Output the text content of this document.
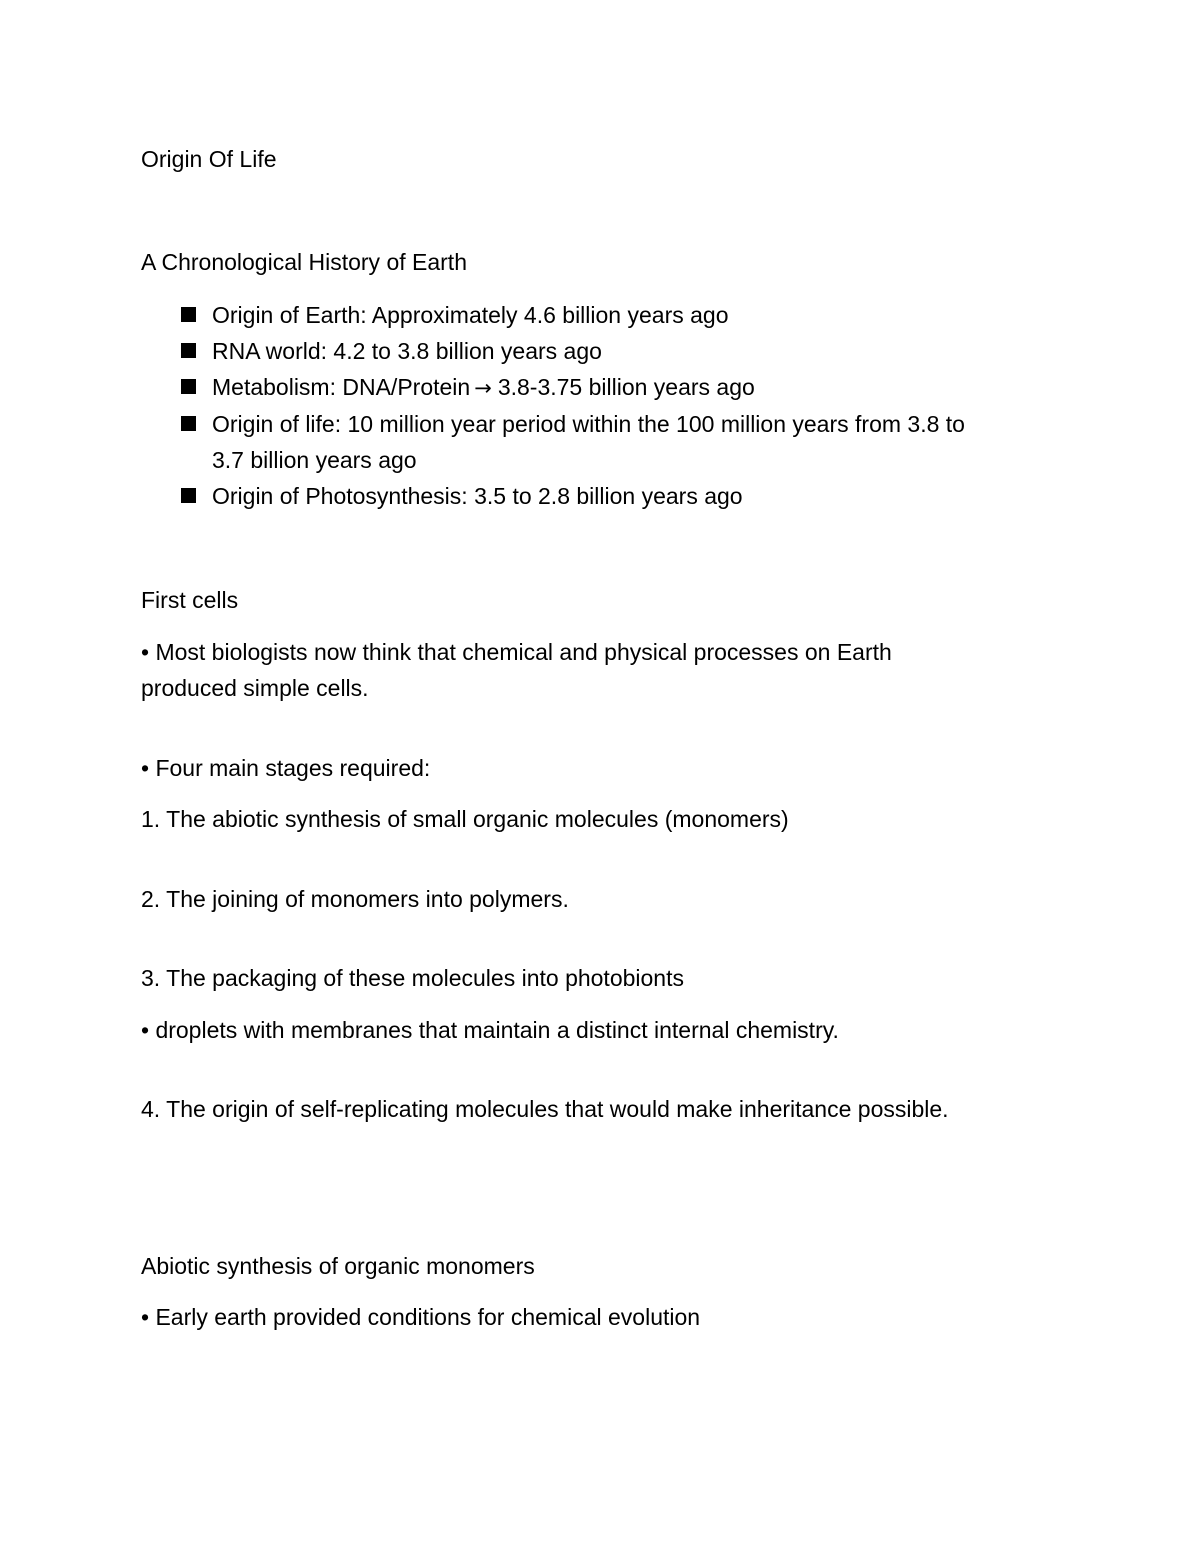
Origin Of Life
A Chronological History of Earth
Origin of Earth: Approximately 4.6 billion years ago
RNA world: 4.2 to 3.8 billion years ago
Metabolism: DNA/Protein → 3.8-3.75 billion years ago
Origin of life: 10 million year period within the 100 million years from 3.8 to
3.7 billion years ago
Origin of Photosynthesis: 3.5 to 2.8 billion years ago
First cells
• Most biologists now think that chemical and physical processes on Earth
produced simple cells.
• Four main stages required:
1. The abiotic synthesis of small organic molecules (monomers)
2. The joining of monomers into polymers.
3. The packaging of these molecules into photobionts
• droplets with membranes that maintain a distinct internal chemistry.
4. The origin of self-replicating molecules that would make inheritance possible.
Abiotic synthesis of organic monomers
• Early earth provided conditions for chemical evolution
